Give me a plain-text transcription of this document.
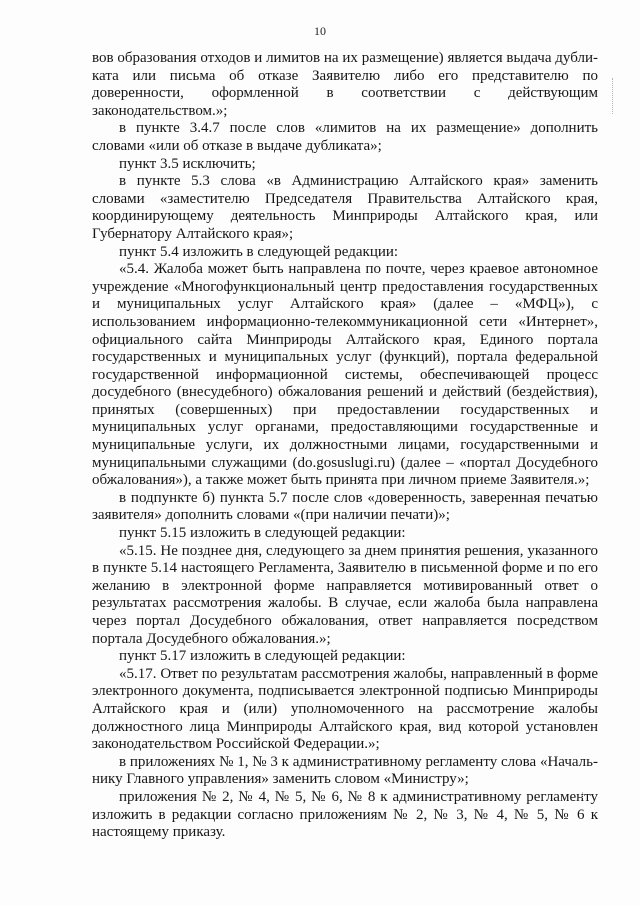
10

вов образования отходов и лимитов на их размещение) является выдача дубликата или письма об отказе Заявителю либо его представителю по доверенности, оформленной в соответствии с действующим законодательством.»;

в пункте 3.4.7 после слов «лимитов на их размещение» дополнить словами «или об отказе в выдаче дубликата»;

пункт 3.5 исключить;

в пункте 5.3 слова «в Администрацию Алтайского края» заменить словами «заместителю Председателя Правительства Алтайского края, координирующему деятельность Минприроды Алтайского края, или Губернатору Алтайского края»;

пункт 5.4 изложить в следующей редакции:

«5.4. Жалоба может быть направлена по почте, через краевое автономное учреждение «Многофункциональный центр предоставления государственных и муниципальных услуг Алтайского края» (далее – «МФЦ»), с использованием информационно-телекоммуникационной сети «Интернет», официального сайта Минприроды Алтайского края, Единого портала государственных и муниципальных услуг (функций), портала федеральной государственной информационной системы, обеспечивающей процесс досудебного (внесудебного) обжалования решений и действий (бездействия), принятых (совершенных) при предоставлении государственных и муниципальных услуг органами, предоставляющими государственные и муниципальные услуги, их должностными лицами, государственными и муниципальными служащими (do.gosuslugi.ru) (далее – «портал Досудебного обжалования»), а также может быть принята при личном приеме Заявителя.»;

в подпункте б) пункта 5.7 после слов «доверенность, заверенная печатью заявителя» дополнить словами «(при наличии печати)»;

пункт 5.15 изложить в следующей редакции:

«5.15. Не позднее дня, следующего за днем принятия решения, указанного в пункте 5.14 настоящего Регламента, Заявителю в письменной форме и по его желанию в электронной форме направляется мотивированный ответ о результатах рассмотрения жалобы. В случае, если жалоба была направлена через портал Досудебного обжалования, ответ направляется посредством портала Досудебного обжалования.»;

пункт 5.17 изложить в следующей редакции:

«5.17. Ответ по результатам рассмотрения жалобы, направленный в форме электронного документа, подписывается электронной подписью Минприроды Алтайского края и (или) уполномоченного на рассмотрение жалобы должностного лица Минприроды Алтайского края, вид которой установлен законодательством Российской Федерации.»;

в приложениях № 1, № 3 к административному регламенту слова «Начальнику Главного управления» заменить словом «Министру»;

приложения № 2, № 4, № 5, № 6, № 8 к административному регламенту изложить в редакции согласно приложениям № 2, № 3, № 4, № 5, № 6 к настоящему приказу.
